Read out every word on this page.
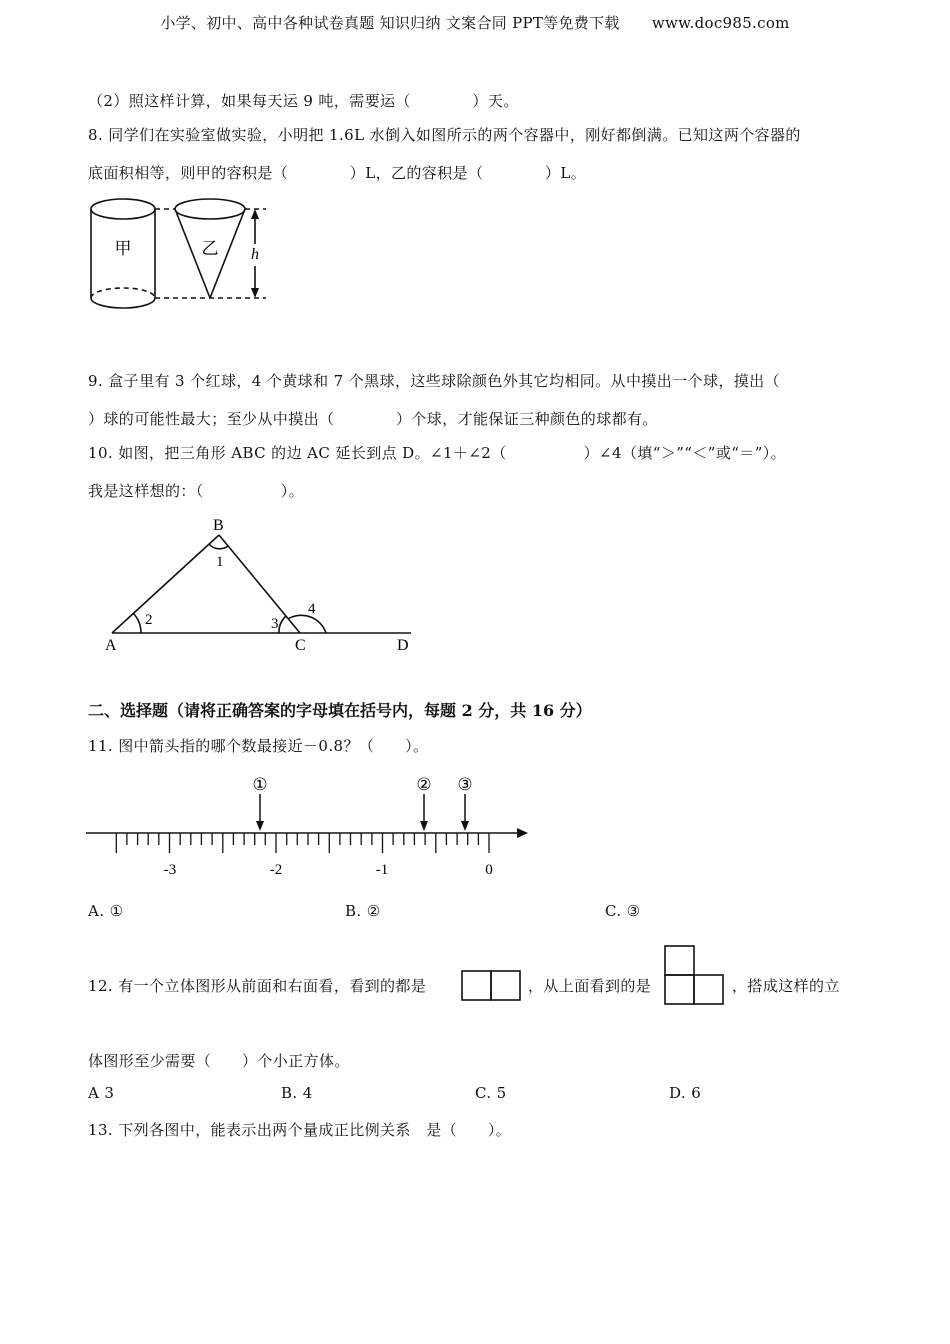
小学、初中、高中各种试卷真题 知识归纳 文案合同 PPT等免费下载 www.doc985.com
（2）照这样计算，如果每天运 9 吨，需要运（　　　　）天。
8. 同学们在实验室做实验，小明把 1.6L 水倒入如图所示的两个容器中，刚好都倒满。已知这两个容器的
底面积相等，则甲的容积是（　　　　）L，乙的容积是（　　　　）L。
甲	乙 h
9. 盒子里有 3 个红球，4 个黄球和 7 个黑球，这些球除颜色外其它均相同。从中摸出一个球，摸出（
）球的可能性最大；至少从中摸出（　　　　）个球，才能保证三种颜色的球都有。
10. 如图，把三角形 ABC 的边 AC 延长到点 D。∠1＋∠2（　　　　　）∠4（填“＞”“＜”或“＝”）。
我是这样想的：（　　　　　）。
A
B
C	D
1
2	3
4
二、选择题（请将正确答案的字母填在括号内，每题 2 分，共 16 分）
11. 图中箭头指的哪个数最接近－0.8？（　　）。
①	② ③
-3	-2	-1	0
A. ①	B. ②	C. ③
12. 有一个立体图形从前面和右面看，看到的都是	，从上面看到的是	，搭成这样的立
体图形至少需要（　　）个小正方体。
A 3	B. 4	C. 5	D. 6
13. 下列各图中，能表示出两个量成正比例关系　是（　　）。
